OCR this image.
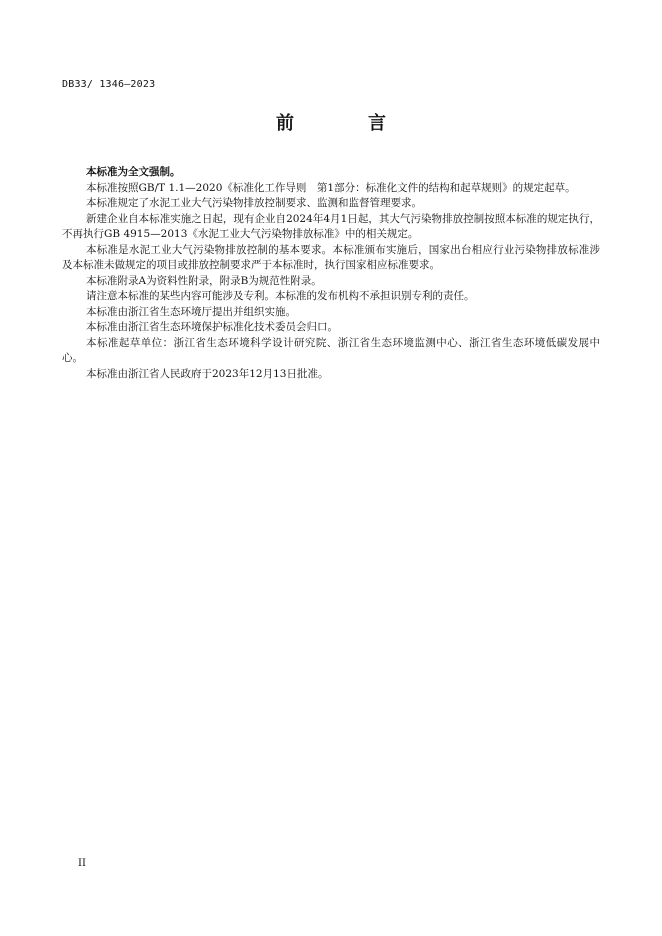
DB33/ 1346—2023
前　言

本标准为全文强制。

本标准按照GB/T 1.1—2020《标准化工作导则　第1部分：标准化文件的结构和起草规则》的规定起草。

本标准规定了水泥工业大气污染物排放控制要求、监测和监督管理要求。

新建企业自本标准实施之日起，现有企业自2024年4月1日起，其大气污染物排放控制按照本标准的规定执行，不再执行GB 4915—2013《水泥工业大气污染物排放标准》中的相关规定。

本标准是水泥工业大气污染物排放控制的基本要求。本标准颁布实施后，国家出台相应行业污染物排放标准涉及本标准未做规定的项目或排放控制要求严于本标准时，执行国家相应标准要求。

本标准附录A为资料性附录，附录B为规范性附录。

请注意本标准的某些内容可能涉及专利。本标准的发布机构不承担识别专利的责任。

本标准由浙江省生态环境厅提出并组织实施。

本标准由浙江省生态环境保护标准化技术委员会归口。

本标准起草单位：浙江省生态环境科学设计研究院、浙江省生态环境监测中心、浙江省生态环境低碳发展中心。

本标准由浙江省人民政府于2023年12月13日批准。

II
